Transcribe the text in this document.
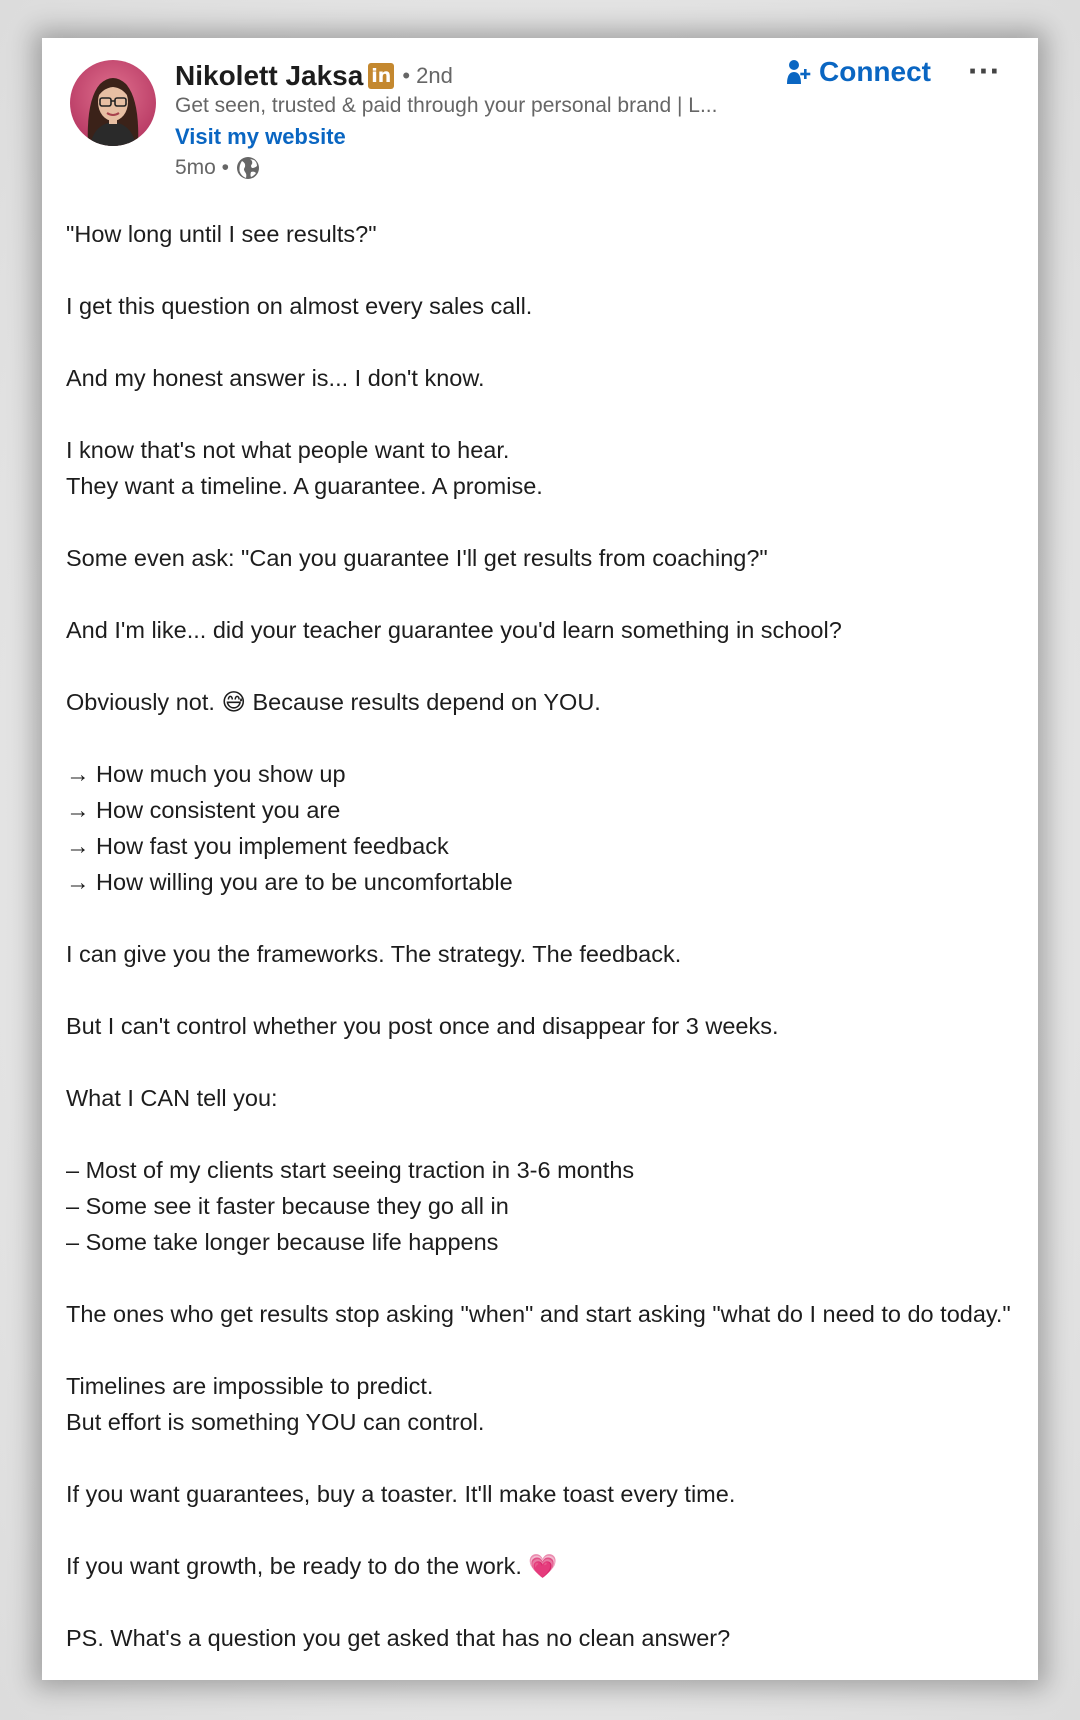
Nikolett Jaksa in • 2nd
Get seen, trusted & paid through your personal brand | L...
Visit my website
5mo •
Connect ···
"How long until I see results?"
I get this question on almost every sales call.
And my honest answer is... I don't know.
I know that's not what people want to hear.
They want a timeline. A guarantee. A promise.
Some even ask: "Can you guarantee I'll get results from coaching?"
And I'm like... did your teacher guarantee you'd learn something in school?
Obviously not. 😅 Because results depend on YOU.
→ How much you show up
→ How consistent you are
→ How fast you implement feedback
→ How willing you are to be uncomfortable
I can give you the frameworks. The strategy. The feedback.
But I can't control whether you post once and disappear for 3 weeks.
What I CAN tell you:
– Most of my clients start seeing traction in 3-6 months
– Some see it faster because they go all in
– Some take longer because life happens
The ones who get results stop asking "when" and start asking "what do I need to do today."
Timelines are impossible to predict.
But effort is something YOU can control.
If you want guarantees, buy a toaster. It'll make toast every time.
If you want growth, be ready to do the work. 💗
PS. What's a question you get asked that has no clean answer?
